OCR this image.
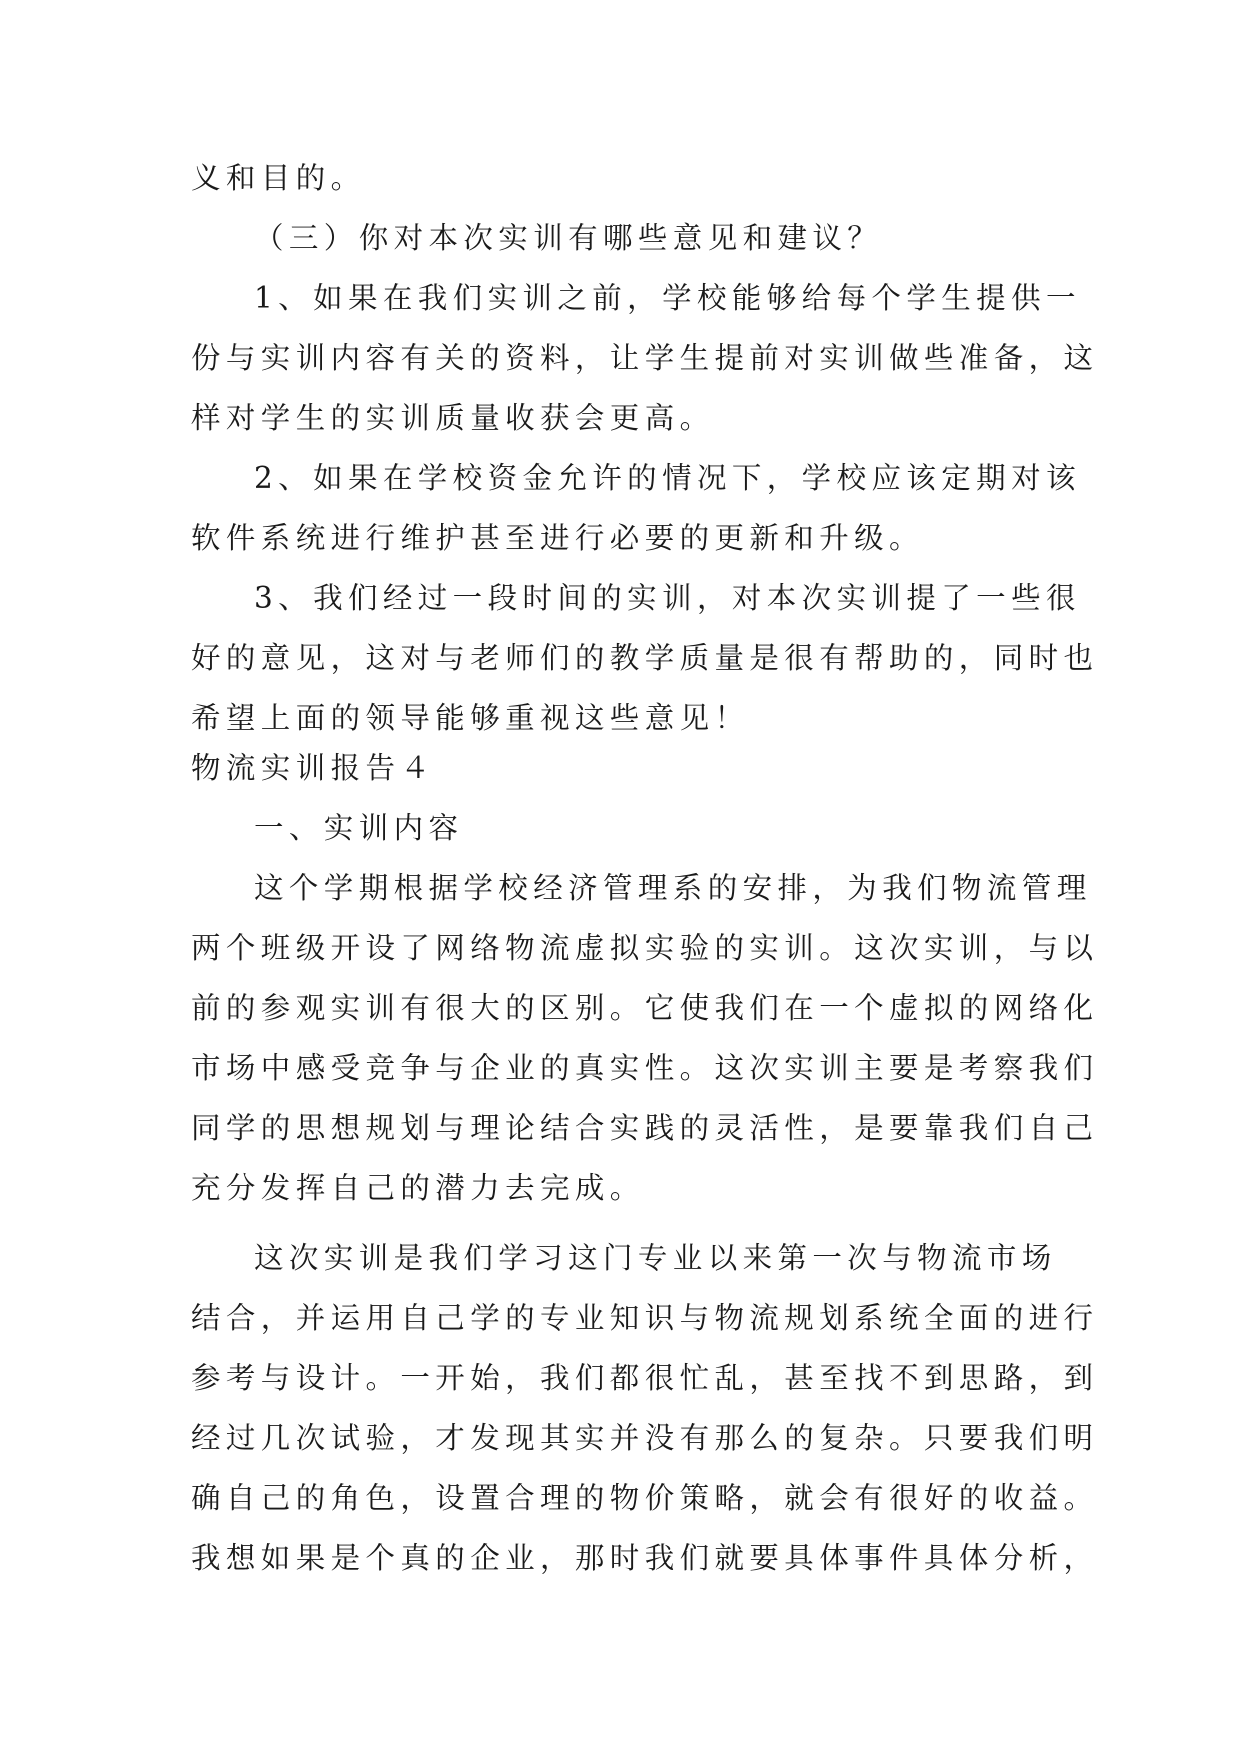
义和目的。
（三）你对本次实训有哪些意见和建议？
1、如果在我们实训之前，学校能够给每个学生提供一
份与实训内容有关的资料，让学生提前对实训做些准备，这
样对学生的实训质量收获会更高。
2、如果在学校资金允许的情况下，学校应该定期对该
软件系统进行维护甚至进行必要的更新和升级。
3、我们经过一段时间的实训，对本次实训提了一些很
好的意见，这对与老师们的教学质量是很有帮助的，同时也
希望上面的领导能够重视这些意见！
物流实训报告４
一、实训内容
这个学期根据学校经济管理系的安排，为我们物流管理
两个班级开设了网络物流虚拟实验的实训。这次实训，与以
前的参观实训有很大的区别。它使我们在一个虚拟的网络化
市场中感受竞争与企业的真实性。这次实训主要是考察我们
同学的思想规划与理论结合实践的灵活性，是要靠我们自己
充分发挥自己的潜力去完成。
这次实训是我们学习这门专业以来第一次与物流市场
结合，并运用自己学的专业知识与物流规划系统全面的进行
参考与设计。一开始，我们都很忙乱，甚至找不到思路，到
经过几次试验，才发现其实并没有那么的复杂。只要我们明
确自己的角色，设置合理的物价策略，就会有很好的收益。
我想如果是个真的企业，那时我们就要具体事件具体分析，
